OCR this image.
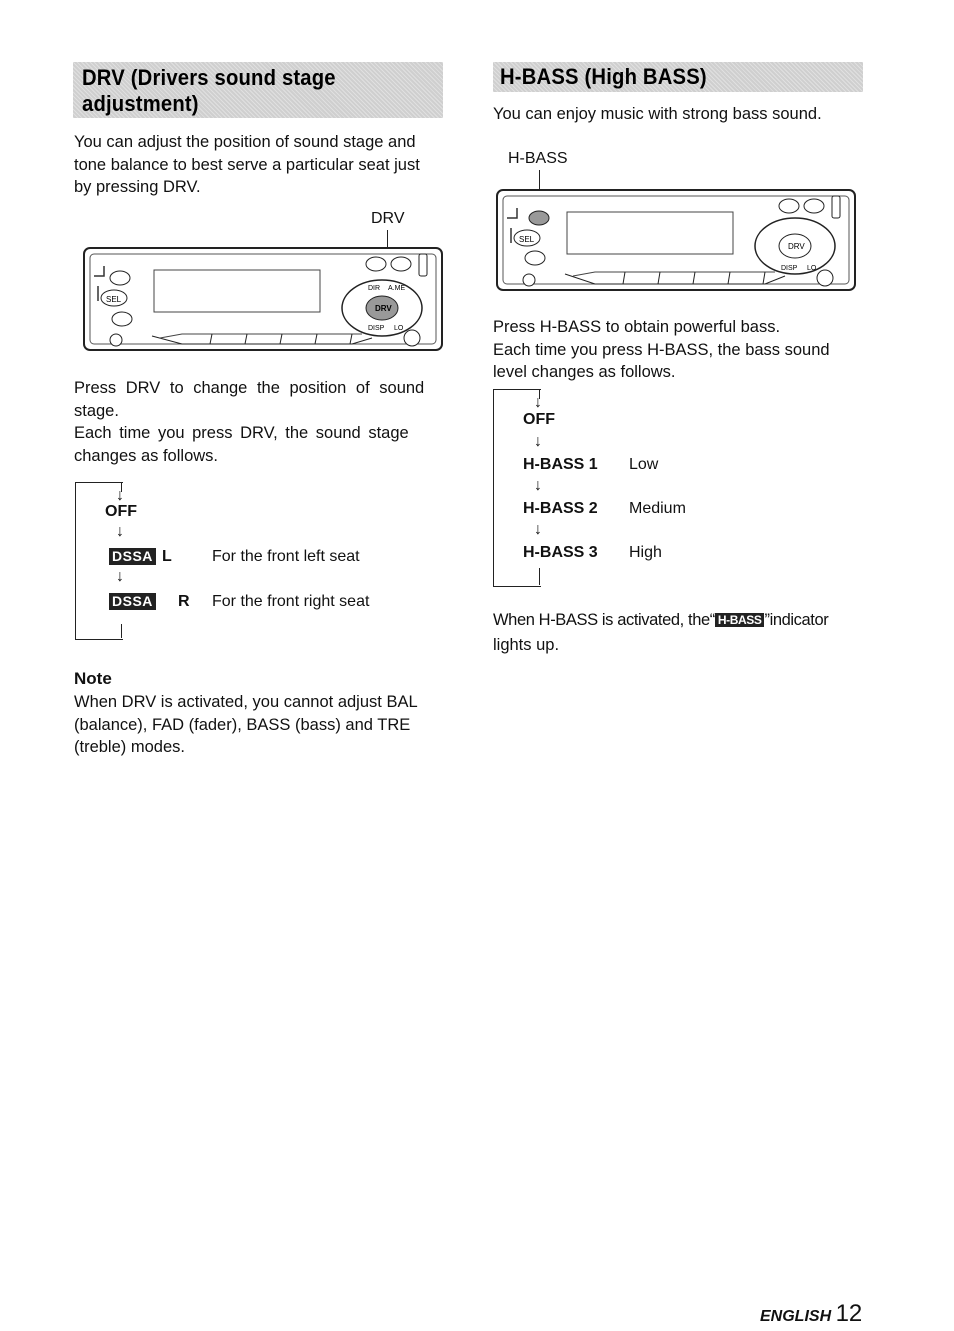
DRV (Drivers sound stage
adjustment)
You can adjust the position of sound stage and
tone balance to best serve a particular seat just
by pressing DRV.
DRV
SEL
DRV
DIR A.ME
DISP LO
Press DRV to change the position of sound
stage.
Each time you press DRV, the sound stage
changes as follows.
↓
OFF
↓
DSSA L	For the front left seat
↓
DSSA R For the front right seat
Note
When DRV is activated, you cannot adjust BAL
(balance), FAD (fader), BASS (bass) and TRE
(treble) modes.
H-BASS (High BASS)
You can enjoy music with strong bass sound.
H-BASS
SEL
DRV
DISP LO
Press H-BASS to obtain powerful bass.
Each time you press H-BASS, the bass sound
level changes as follows.
↓
OFF
↓
H-BASS 1 Low
↓
H-BASS 2 Medium
↓
H-BASS 3 High
When H-BASS is activated, the“ H-BASS ”indicator
lights up.
ENGLISH 12
